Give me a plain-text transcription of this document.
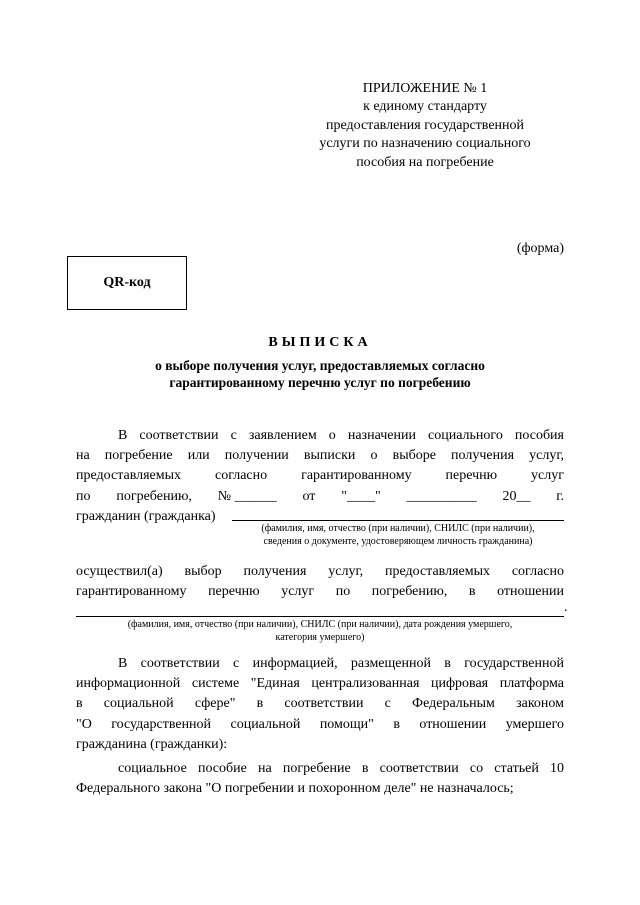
ПРИЛОЖЕНИЕ № 1
к единому стандарту
предоставления государственной
услуги по назначению социального
пособия на погребение
(форма)
QR-код
ВЫПИСКА
о выборе получения услуг, предоставляемых согласно
гарантированному перечню услуг по погребению
В соответствии с заявлением о назначении социального пособия
на погребение или получении выписки о выборе получения услуг,
предоставляемых согласно гарантированному перечню услуг
по погребению, № ______ от "____" __________ 20__ г.
гражданин (гражданка)
(фамилия, имя, отчество (при наличии), СНИЛС (при наличии),
сведения о документе, удостоверяющем личность гражданина)
осуществил(а) выбор получения услуг, предоставляемых согласно
гарантированному перечню услуг по погребению, в отношении
.
(фамилия, имя, отчество (при наличии), СНИЛС (при наличии), дата рождения умершего,
категория умершего)
В соответствии с информацией, размещенной в государственной
информационной системе "Единая централизованная цифровая платформа
в социальной сфере" в соответствии с Федеральным законом
"О государственной социальной помощи" в отношении умершего
гражданина (гражданки):
социальное пособие на погребение в соответствии со статьей 10
Федерального закона "О погребении и похоронном деле" не назначалось;
